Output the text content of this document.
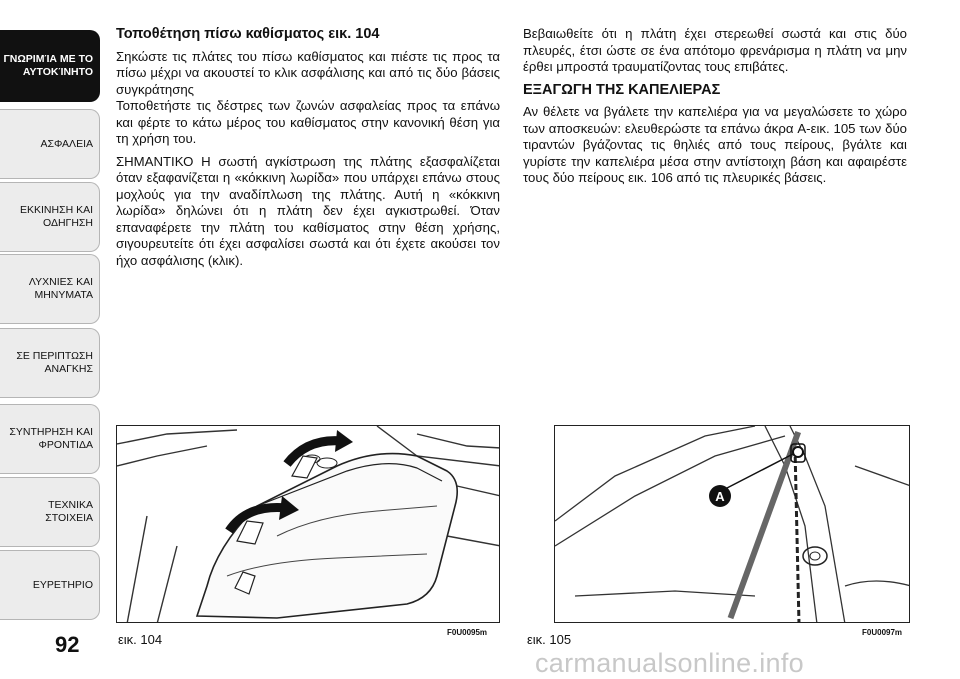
ΓΝΩΡΙΜΊΑ ΜΕ ΤΟ
ΑΥΤΟΚΊΝΗΤΟ
ΑΣΦΑΛΕΙΑ
ΕΚΚΙΝΗΣΗ ΚΑΙ
ΟΔΗΓΗΣΗ
ΛΥΧΝΙΕΣ ΚΑΙ
ΜΗΝΥΜΑΤΑ
ΣΕ ΠΕΡΙΠΤΩΣΗ
ΑΝΑΓΚΗΣ
ΣΥΝΤΗΡΗΣΗ ΚΑΙ
ΦΡΟΝΤΙΔΑ
ΤΕΧΝΙΚΑ ΣΤΟΙΧΕΙΑ
ΕΥΡΕΤΗΡΙΟ
92

Τοποθέτηση πίσω καθίσματος εικ. 104

Σηκώστε τις πλάτες του πίσω καθίσματος και πιέστε τις προς τα πίσω μέχρι να ακουστεί το κλικ ασφάλισης και από τις δύο βάσεις συγκράτησης

Τοποθετήστε τις δέστρες των ζωνών ασφαλείας προς τα επάνω και φέρτε το κάτω μέρος του καθίσματος στην κανονική θέση για τη χρήση του.

ΣΗΜΑΝΤΙΚΟ Η σωστή αγκίστρωση της πλάτης εξασφαλίζεται όταν εξαφανίζεται η «κόκκινη λωρίδα» που υπάρχει επάνω στους μοχλούς για την αναδίπλωση της πλάτης. Αυτή η «κόκκινη λωρίδα» δηλώνει ότι η πλάτη δεν έχει αγκιστρωθεί. Όταν επαναφέρετε την πλάτη του καθίσματος στην θέση χρήσης, σιγουρευτείτε ότι έχει ασφαλίσει σωστά και ότι έχετε ακούσει τον ήχο ασφάλισης (κλικ).

Βεβαιωθείτε ότι η πλάτη έχει στερεωθεί σωστά και στις δύο πλευρές, έτσι ώστε σε ένα απότομο φρενάρισμα η πλάτη να μην έρθει μπροστά τραυματίζοντας τους επιβάτες.

ΕΞΑΓΩΓΗ ΤΗΣ ΚΑΠΕΛΙΕΡΑΣ

Αν θέλετε να βγάλετε την καπελιέρα για να μεγαλώσετε το χώρο των αποσκευών: ελευθερώστε τα επάνω άκρα A-εικ. 105 των δύο τιραντών βγάζοντας τις θηλιές από τους πείρους, βγάλτε και γυρίστε την καπελιέρα μέσα στην αντίστοιχη βάση και αφαιρέστε τους δύο πείρους εικ. 106 από τις πλευρικές βάσεις.

εικ. 104	F0U0095m
A
εικ. 105	F0U0097m
carmanualsonline.info
